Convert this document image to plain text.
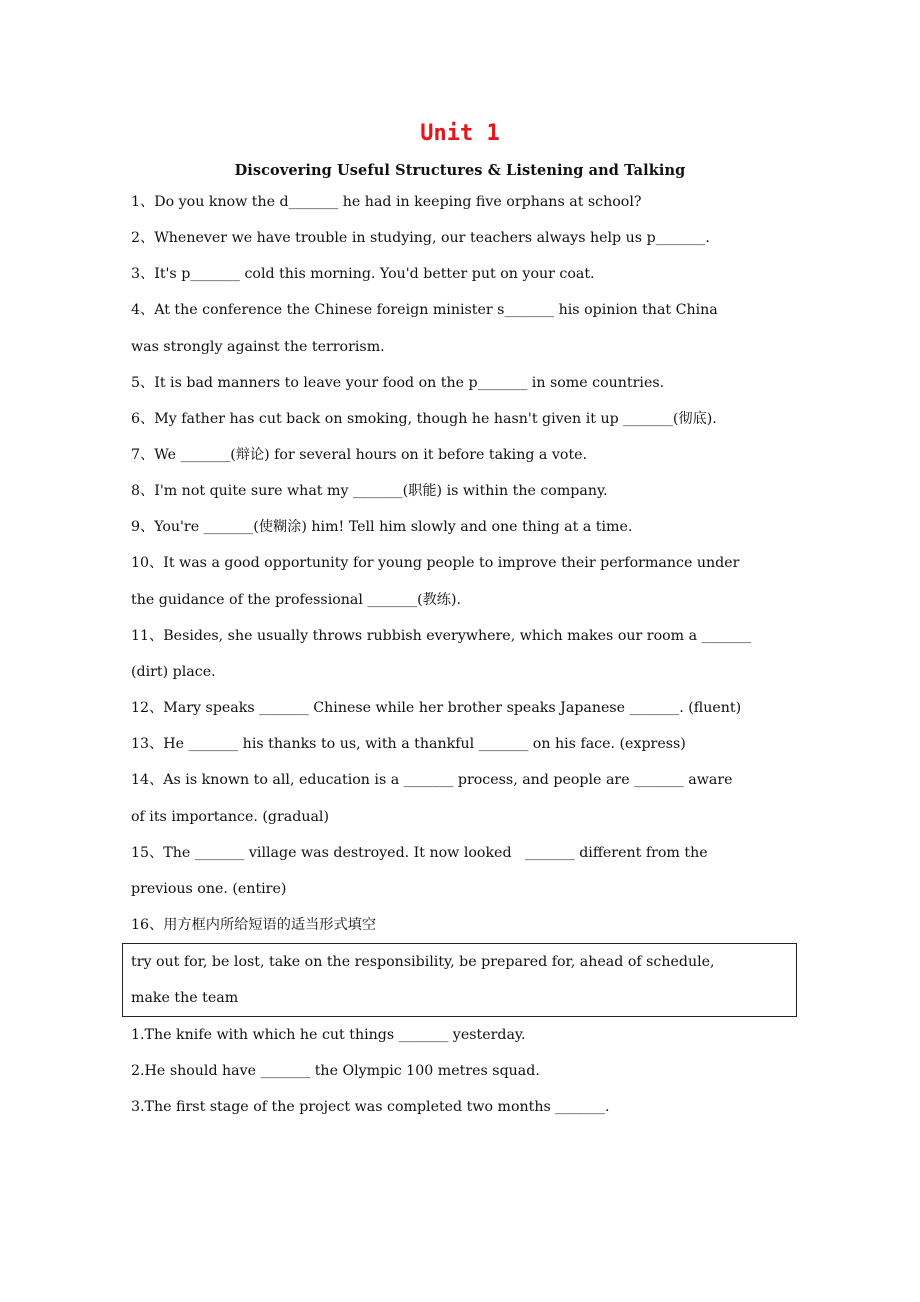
Unit 1
Discovering Useful Structures & Listening and Talking
1、Do you know the d_______ he had in keeping five orphans at school?
2、Whenever we have trouble in studying, our teachers always help us p_______.
3、It's p_______ cold this morning. You'd better put on your coat.
4、At the conference the Chinese foreign minister s_______ his opinion that China
was strongly against the terrorism.
5、It is bad manners to leave your food on the p_______ in some countries.
6、My father has cut back on smoking, though he hasn't given it up _______(彻底).
7、We _______(辩论) for several hours on it before taking a vote.
8、I'm not quite sure what my _______(职能) is within the company.
9、You're _______(使糊涂) him! Tell him slowly and one thing at a time.
10、It was a good opportunity for young people to improve their performance under
the guidance of the professional _______(教练).
11、Besides, she usually throws rubbish everywhere, which makes our room a _______
(dirt) place.
12、Mary speaks _______ Chinese while her brother speaks Japanese _______. (fluent)
13、He _______ his thanks to us, with a thankful _______ on his face. (express)
14、As is known to all, education is a _______ process, and people are _______ aware
of its importance. (gradual)
15、The _______ village was destroyed. It now looked   _______ different from the
previous one. (entire)
16、用方框内所给短语的适当形式填空
try out for, be lost, take on the responsibility, be prepared for, ahead of schedule,
make the team
1.The knife with which he cut things _______ yesterday.
2.He should have _______ the Olympic 100 metres squad.
3.The first stage of the project was completed two months _______.
